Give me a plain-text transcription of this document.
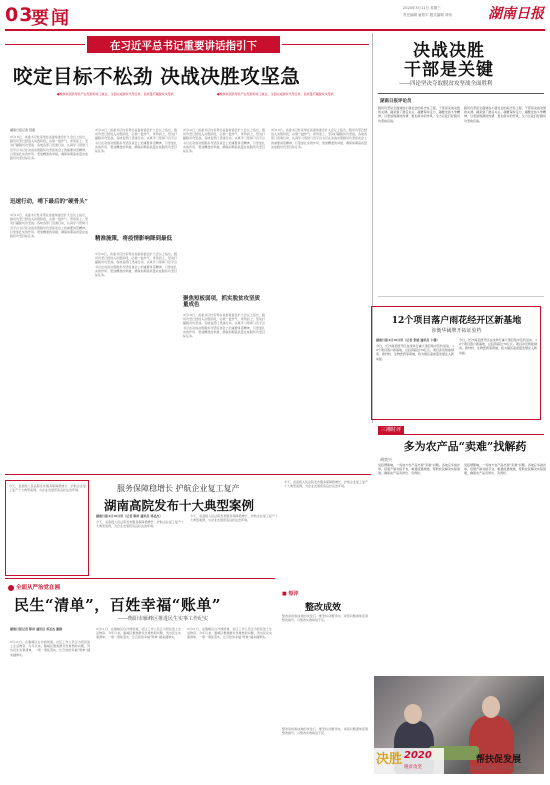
03
要闻	2020年3月11日 星期三
责任编辑 唐曾平 版式编辑 刘伟	湖南日报
在习近平总书记重要讲话指引下
咬定目标不松劲 决战决胜攻坚急
●聚焦贫困县特色产业发展和务工就业，全面完成脱贫攻坚任务，高质量打赢脱贫攻坚战	●聚焦贫困县特色产业发展和务工就业，全面完成脱贫攻坚任务，高质量打赢脱贫攻坚战
湖南日报记者 贺嘉
3月10日，省委书记杜家毫在省委常委会扩大会议上指出，脱贫攻坚已经进入决胜阶段，必须一鼓作气、乘势而上，坚决打赢脱贫攻坚战。各地各部门迅速行动，认真学习贯彻习近平总书记在决战决胜脱贫攻坚座谈会上的重要讲话精神，以更加扎实的作风、更加精准的举措，确保如期高质量完成脱贫攻坚目标任务。
迅速行动，啃下最后的“硬骨头”
3月10日，省委书记杜家毫在省委常委会扩大会议上指出，脱贫攻坚已经进入决胜阶段，必须一鼓作气、乘势而上，坚决打赢脱贫攻坚战。各地各部门迅速行动，认真学习贯彻习近平总书记在决战决胜脱贫攻坚座谈会上的重要讲话精神，以更加扎实的作风、更加精准的举措，确保如期高质量完成脱贫攻坚目标任务。
3月10日，省委书记杜家毫在省委常委会扩大会议上指出，脱贫攻坚已经进入决胜阶段，必须一鼓作气、乘势而上，坚决打赢脱贫攻坚战。各地各部门迅速行动，认真学习贯彻习近平总书记在决战决胜脱贫攻坚座谈会上的重要讲话精神，以更加扎实的作风、更加精准的举措，确保如期高质量完成脱贫攻坚目标任务。
精准施策，将疫情影响降到最低
3月10日，省委书记杜家毫在省委常委会扩大会议上指出，脱贫攻坚已经进入决胜阶段，必须一鼓作气、乘势而上，坚决打赢脱贫攻坚战。各地各部门迅速行动，认真学习贯彻习近平总书记在决战决胜脱贫攻坚座谈会上的重要讲话精神，以更加扎实的作风、更加精准的举措，确保如期高质量完成脱贫攻坚目标任务。
3月10日，省委书记杜家毫在省委常委会扩大会议上指出，脱贫攻坚已经进入决胜阶段，必须一鼓作气、乘势而上，坚决打赢脱贫攻坚战。各地各部门迅速行动，认真学习贯彻习近平总书记在决战决胜脱贫攻坚座谈会上的重要讲话精神，以更加扎实的作风、更加精准的举措，确保如期高质量完成脱贫攻坚目标任务。
聚焦短板弱项，抓实脱贫攻坚质量成色
3月10日，省委书记杜家毫在省委常委会扩大会议上指出，脱贫攻坚已经进入决胜阶段，必须一鼓作气、乘势而上，坚决打赢脱贫攻坚战。各地各部门迅速行动，认真学习贯彻习近平总书记在决战决胜脱贫攻坚座谈会上的重要讲话精神，以更加扎实的作风、更加精准的举措，确保如期高质量完成脱贫攻坚目标任务。
3月10日，省委书记杜家毫在省委常委会扩大会议上指出，脱贫攻坚已经进入决胜阶段，必须一鼓作气、乘势而上，坚决打赢脱贫攻坚战。各地各部门迅速行动，认真学习贯彻习近平总书记在决战决胜脱贫攻坚座谈会上的重要讲话精神，以更加扎实的作风、更加精准的举措，确保如期高质量完成脱贫攻坚目标任务。
决战决胜
干部是关键
——四论坚决夺取脱贫攻坚战全面胜利
湖南日报评论员
脱贫攻坚是全面建成小康社会的标志性工程，干部是决战决胜的关键。越是到了最后关头，越要保持定力，越要发扬斗争精神，以更加饱满的热情、更加务实的作风，全力以赴打好脱贫攻坚收官战。
脱贫攻坚是全面建成小康社会的标志性工程，干部是决战决胜的关键。越是到了最后关头，越要保持定力，越要发扬斗争精神，以更加饱满的热情、更加务实的作风，全力以赴打好脱贫攻坚收官战。
12个项目落户雨花经开区新基地
涉衡华阈牌开拓证验档
湖南日报3月10日讯（记者 张斌 通讯员 卞德）
今日，长沙雨花经开区在线举行重大项目集中签约活动，12个项目落户新基地，总投资超过70亿元。项目涉及智能制造、新材料、生物医药等领域，将为园区高质量发展注入新动能。
今日，长沙雨花经开区在线举行重大项目集中签约活动，12个项目落户新基地，总投资超过70亿元。项目涉及智能制造、新材料、生物医药等领域，将为园区高质量发展注入新动能。
三湘时评
多为农产品“卖难”找解药
胡奕兴
受疫情影响，一些地方农产品出现“卖难”问题。各地应多措并举，搭建产销对接平台，畅通流通渠道，帮助农民解决实际困难，确保农产品卖得出、卖得好。
受疫情影响，一些地方农产品出现“卖难”问题。各地应多措并举，搭建产销对接平台，畅通流通渠道，帮助农民解决实际困难，确保农产品卖得出、卖得好。
今天，省高级人民法院发布服务保障稳增长、护航企业复工复产十大典型案例，为企业发展营造良好法治环境。	服务保障稳增长 护航企业复工复产
湖南高院发布十大典型案例
湖南日报3月10日讯（记者 陈昂 通讯员 邓圣杰）
今天，省高级人民法院发布服务保障稳增长、护航企业复工复产十大典型案例，为企业发展营造良好法治环境。
今天，省高级人民法院发布服务保障稳增长、护航企业复工复产十大典型案例，为企业发展营造良好法治环境。
今天，省高级人民法院发布服务保障稳增长、护航企业复工复产十大典型案例，为企业发展营造良好法治环境。
全面从严治党在湘
民生“清单”，百姓幸福“账单”
——衡阳市雁峰区推进民生实事工作纪实
湖南日报记者 陈昂 通讯员 邓圣杰 谢静
3月11日，在雁峰区白沙洲街道，社区工作人员正为居民送上生活物资。今年以来，雁峰区聚焦群众急难愁盼问题，列出民生实事清单，一项一项抓落实，让百姓的幸福“账单”越来越厚实。
3月11日，在雁峰区白沙洲街道，社区工作人员正为居民送上生活物资。今年以来，雁峰区聚焦群众急难愁盼问题，列出民生实事清单，一项一项抓落实，让百姓的幸福“账单”越来越厚实。
3月11日，在雁峰区白沙洲街道，社区工作人员正为居民送上生活物资。今年以来，雁峰区聚焦群众急难愁盼问题，列出民生实事清单，一项一项抓落实，让百姓的幸福“账单”越来越厚实。
■ 短评
整改成效
整改是检验成效的试金石。要坚持问题导向，对照问题清单逐项整改销号，以整改实效取信于民。
整改是检验成效的试金石。要坚持问题导向，对照问题清单逐项整改销号，以整改实效取信于民。
决胜 2020
脱贫攻坚
帮扶促发展
今年以来，永顺县持续推进产业扶贫，帮助贫困群众增收致富。
